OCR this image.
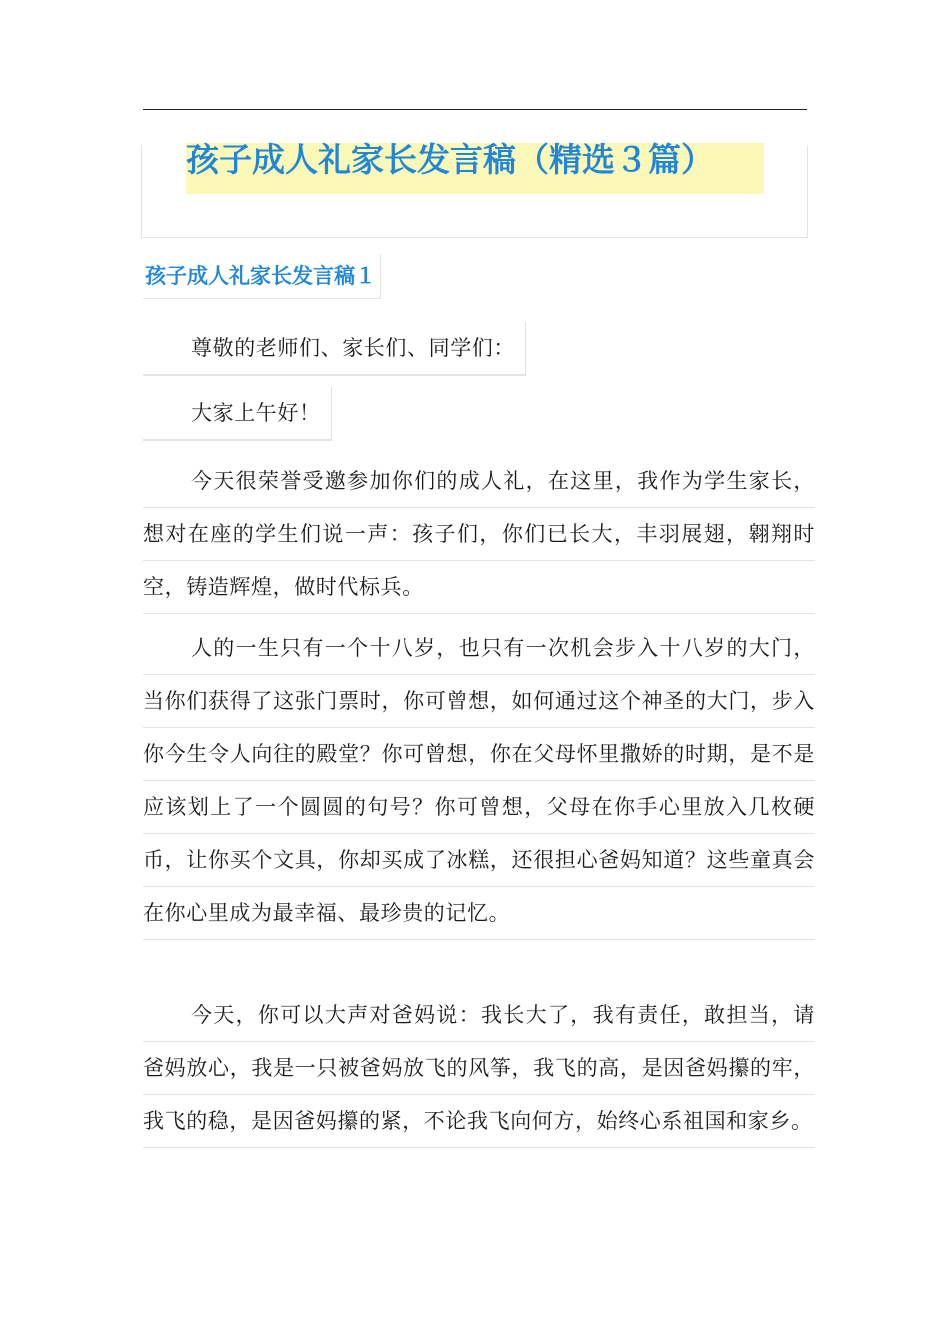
孩子成人礼家长发言稿（精选３篇）
孩子成人礼家长发言稿１

尊敬的老师们、家长们、同学们：

大家上午好！

今天很荣誉受邀参加你们的成人礼，在这里，我作为学生家长，想对在座的学生们说一声：孩子们，你们已长大，丰羽展翅，翱翔时空，铸造辉煌，做时代标兵。

人的一生只有一个十八岁，也只有一次机会步入十八岁的大门，当你们获得了这张门票时，你可曾想，如何通过这个神圣的大门，步入你今生令人向往的殿堂？你可曾想，你在父母怀里撒娇的时期，是不是应该划上了一个圆圆的句号？你可曾想，父母在你手心里放入几枚硬币，让你买个文具，你却买成了冰糕，还很担心爸妈知道？这些童真会在你心里成为最幸福、最珍贵的记忆。

今天，你可以大声对爸妈说：我长大了，我有责任，敢担当，请爸妈放心，我是一只被爸妈放飞的风筝，我飞的高，是因爸妈攥的牢，我飞的稳，是因爸妈攥的紧，不论我飞向何方，始终心系祖国和家乡。
